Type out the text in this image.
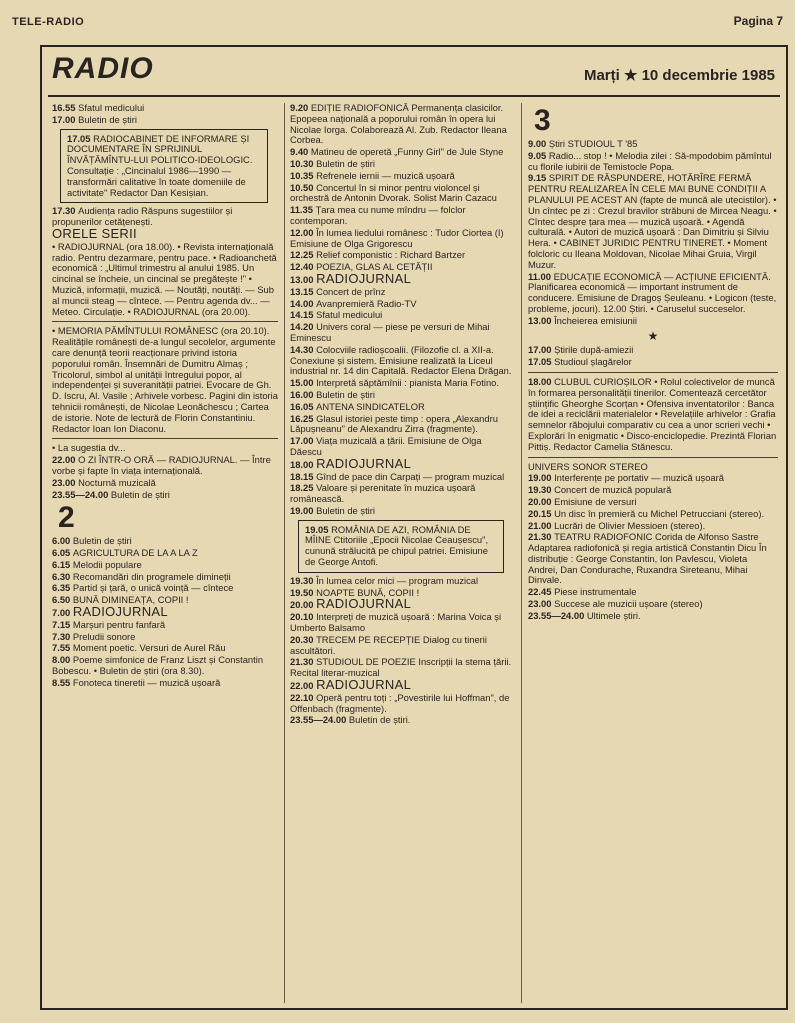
TELE-RADIO	Pagina 7
RADIO	Marți ★ 10 decembrie 1985
16.55 Sfatul medicului
17.00 Buletin de știri
17.05 RADIOCABINET DE INFORMARE ȘI DOCUMENTARE ÎN SPRIJINUL ÎNVĂȚĂMÎNTU-LUI POLITICO-IDEOLOGIC. Consultație : „Cincinalul 1986—1990 — transformări calitative în toate domeniile de activitate" Redactor Dan Kesișian.
17.30 Audiența radio Răspuns sugestiilor și propunerilor cetățenești.
ORELE SERII
• RADIOJURNAL (ora 18.00). • Revista internațională radio. Pentru dezarmare, pentru pace. • Radioanchetă economică : „Ultimul trimestru al anului 1985. Un cincinal se încheie, un cincinal se pregătește !" • Muzică, informații, muzică. — Noutăți, noutăți. — Sub al muncii steag — cîntece. — Pentru agenda dv... — Meteo. Circulație. • RADIOJURNAL (ora 20.00).
• MEMORIA PĂMÎNTULUI ROMÂNESC (ora 20.10). Realitățile românești de-a lungul secolelor, argumente care denunță teorii reacționare privind istoria poporului român. Însemnări de Dumitru Almaș ; Tricolorul, simbol al unității întregului popor, al independenței și suveranității patriei. Evocare de Gh. D. Iscru, Al. Vasile ; Arhivele vorbesc. Pagini din istoria tehnicii românești, de Nicolae Leonăchescu ; Cartea de istorie. Note de lectură de Florin Constantiniu. Redactor Ioan Ion Diaconu.
• La sugestia dv...
22.00 O ZI ÎNTR-O ORĂ — RADIOJURNAL. — Între vorbe și fapte în viața internațională.
23.00 Nocturnă muzicală
23.55—24.00 Buletin de știri
2
6.00 Buletin de știri
6.05 AGRICULTURA DE LA A LA Z
6.15 Melodii populare
6.30 Recomandări din programele dimineții
6.35 Partid și țară, o unică voință — cîntece
6.50 BUNĂ DIMINEAȚA, COPII !
7.00 RADIOJURNAL
7.15 Marșuri pentru fanfară
7.30 Preludii sonore
7.55 Moment poetic. Versuri de Aurel Rău
8.00 Poeme simfonice de Franz Liszt și Constantin Bobescu. • Buletin de știri (ora 8.30).
8.55 Fonoteca tineretii — muzică ușoară
9.20 EDIȚIE RADIOFONICĂ Permanența clasicilor. Epopeea națională a poporului român în opera lui Nicolae Iorga. Colaborează Al. Zub. Redactor Ileana Corbea.
9.40 Matineu de operetă „Funny Girl" de Jule Styne
10.30 Buletin de știri
10.35 Refrenele iernii — muzică ușoară
10.50 Concertul în si minor pentru violoncel și orchestră de Antonin Dvorak. Solist Marin Cazacu
11.35 Țara mea cu nume mîndru — folclor contemporan.
12.00 În lumea liedului românesc : Tudor Ciortea (I) Emisiune de Olga Grigorescu
12.25 Relief componistic : Richard Bartzer
12.40 POEZIA, GLAS AL CETĂȚII
13.00 RADIOJURNAL
13.15 Concert de prînz
14.00 Avanpremieră Radio-TV
14.15 Sfatul medicului
14.20 Univers coral — piese pe versuri de Mihai Eminescu
14.30 Colocviile radioșcoalii. (Filozofie cl. a XII-a. Conexiune și sistem. Emisiune realizată la Liceul industrial nr. 14 din Capitală. Redactor Elena Drăgan.
15.00 Interpretă săptămînii : pianista Maria Fotino.
16.00 Buletin de știri
16.05 ANTENA SINDICATELOR
16.25 Glasul istoriei peste timp : opera „Alexandru Lăpușneanu" de Alexandru Zirra (fragmente).
17.00 Viața muzicală a țării. Emisiune de Olga Dăescu
18.00 RADIOJURNAL
18.15 Gînd de pace din Carpați — program muzical
18.25 Valoare și perenitate în muzica ușoară românească.
19.00 Buletin de știri
19.05 ROMÂNIA DE AZI, ROMÂNIA DE MÎINE Ctitoriile „Epocii Nicolae Ceaușescu", cunună strălucită pe chipul patriei. Emisiune de George Antofi.
19.30 În lumea celor mici — program muzical
19.50 NOAPTE BUNĂ, COPII !
20.00 RADIOJURNAL
20.10 Interpreți de muzică ușoară : Marina Voica și Umberto Balsamo
20.30 TRECEM PE RECEPȚIE Dialog cu tinerii ascultători.
21.30 STUDIOUL DE POEZIE Inscripții la stema țării. Recital literar-muzical
22.00 RADIOJURNAL
22.10 Operă pentru toți : „Povestirile lui Hoffman", de Offenbach (fragmente).
23.55—24.00 Buletin de știri.
3
9.00 Știri STUDIOUL T '85
9.05 Radio... stop ! • Melodia zilei : Să-mpodobim pămîntul cu florile iubirii de Temistocle Popa.
9.15 SPIRIT DE RĂSPUNDERE, HOTĂRÎRE FERMĂ PENTRU REALIZAREA ÎN CELE MAI BUNE CONDIȚII A PLANULUI PE ACEST AN (fapte de muncă ale utecistilor). • Un cîntec pe zi : Crezul bravilor străbuni de Mircea Neagu. • Cîntec despre țara mea — muzică ușoară. • Agendă culturală. • Autori de muzică ușoară : Dan Dimitriu și Silviu Hera. • CABINET JURIDIC PENTRU TINERET. • Moment folcloric cu Ileana Moldovan, Nicolae Mihai Gruia, Virgil Muzur.
11.00 EDUCAȚIE ECONOMICĂ — ACȚIUNE EFICIENTĂ. Planificarea economică — important instrument de conducere. Emisiune de Dragoș Șeuleanu. • Logicon (teste, probleme, jocuri). 12.00 Știri. • Caruselul succeselor.
13.00 Încheierea emisiunii
★
17.00 Știrile după-amiezii
17.05 Studioul șlagărelor
18.00 CLUBUL CURIOȘILOR • Rolul colectivelor de muncă în formarea personalității tinerilor. Comentează cercetător științific Gheorghe Scorțan • Ofensiva inventatorilor : Banca de idei a reciclării materialelor • Revelațiile arhivelor : Grafia semnelor răbojului comparativ cu cea a unor scrieri vechi • Explorări în enigmatic • Disco-enciclopedie. Prezintă Florian Pittiș. Redactor Camelia Stănescu.
UNIVERS SONOR STEREO
19.00 Interferențe pe portativ — muzică ușoară
19.30 Concert de muzică populară
20.00 Emisiune de versuri
20.15 Un disc în premieră cu Michel Petrucciani (stereo).
21.00 Lucrări de Olivier Messioen (stereo).
21.30 TEATRU RADIOFONIC Corida de Alfonso Sastre Adaptarea radiofonică și regia artistică Constantin Dicu În distribuție : George Constantin, Ion Pavlescu, Violeta Andrei, Dan Condurache, Ruxandra Sireteanu, Mihai Dinvale.
22.45 Piese instrumentale
23.00 Succese ale muzicii ușoare (stereo)
23.55—24.00 Ultimele știri.
